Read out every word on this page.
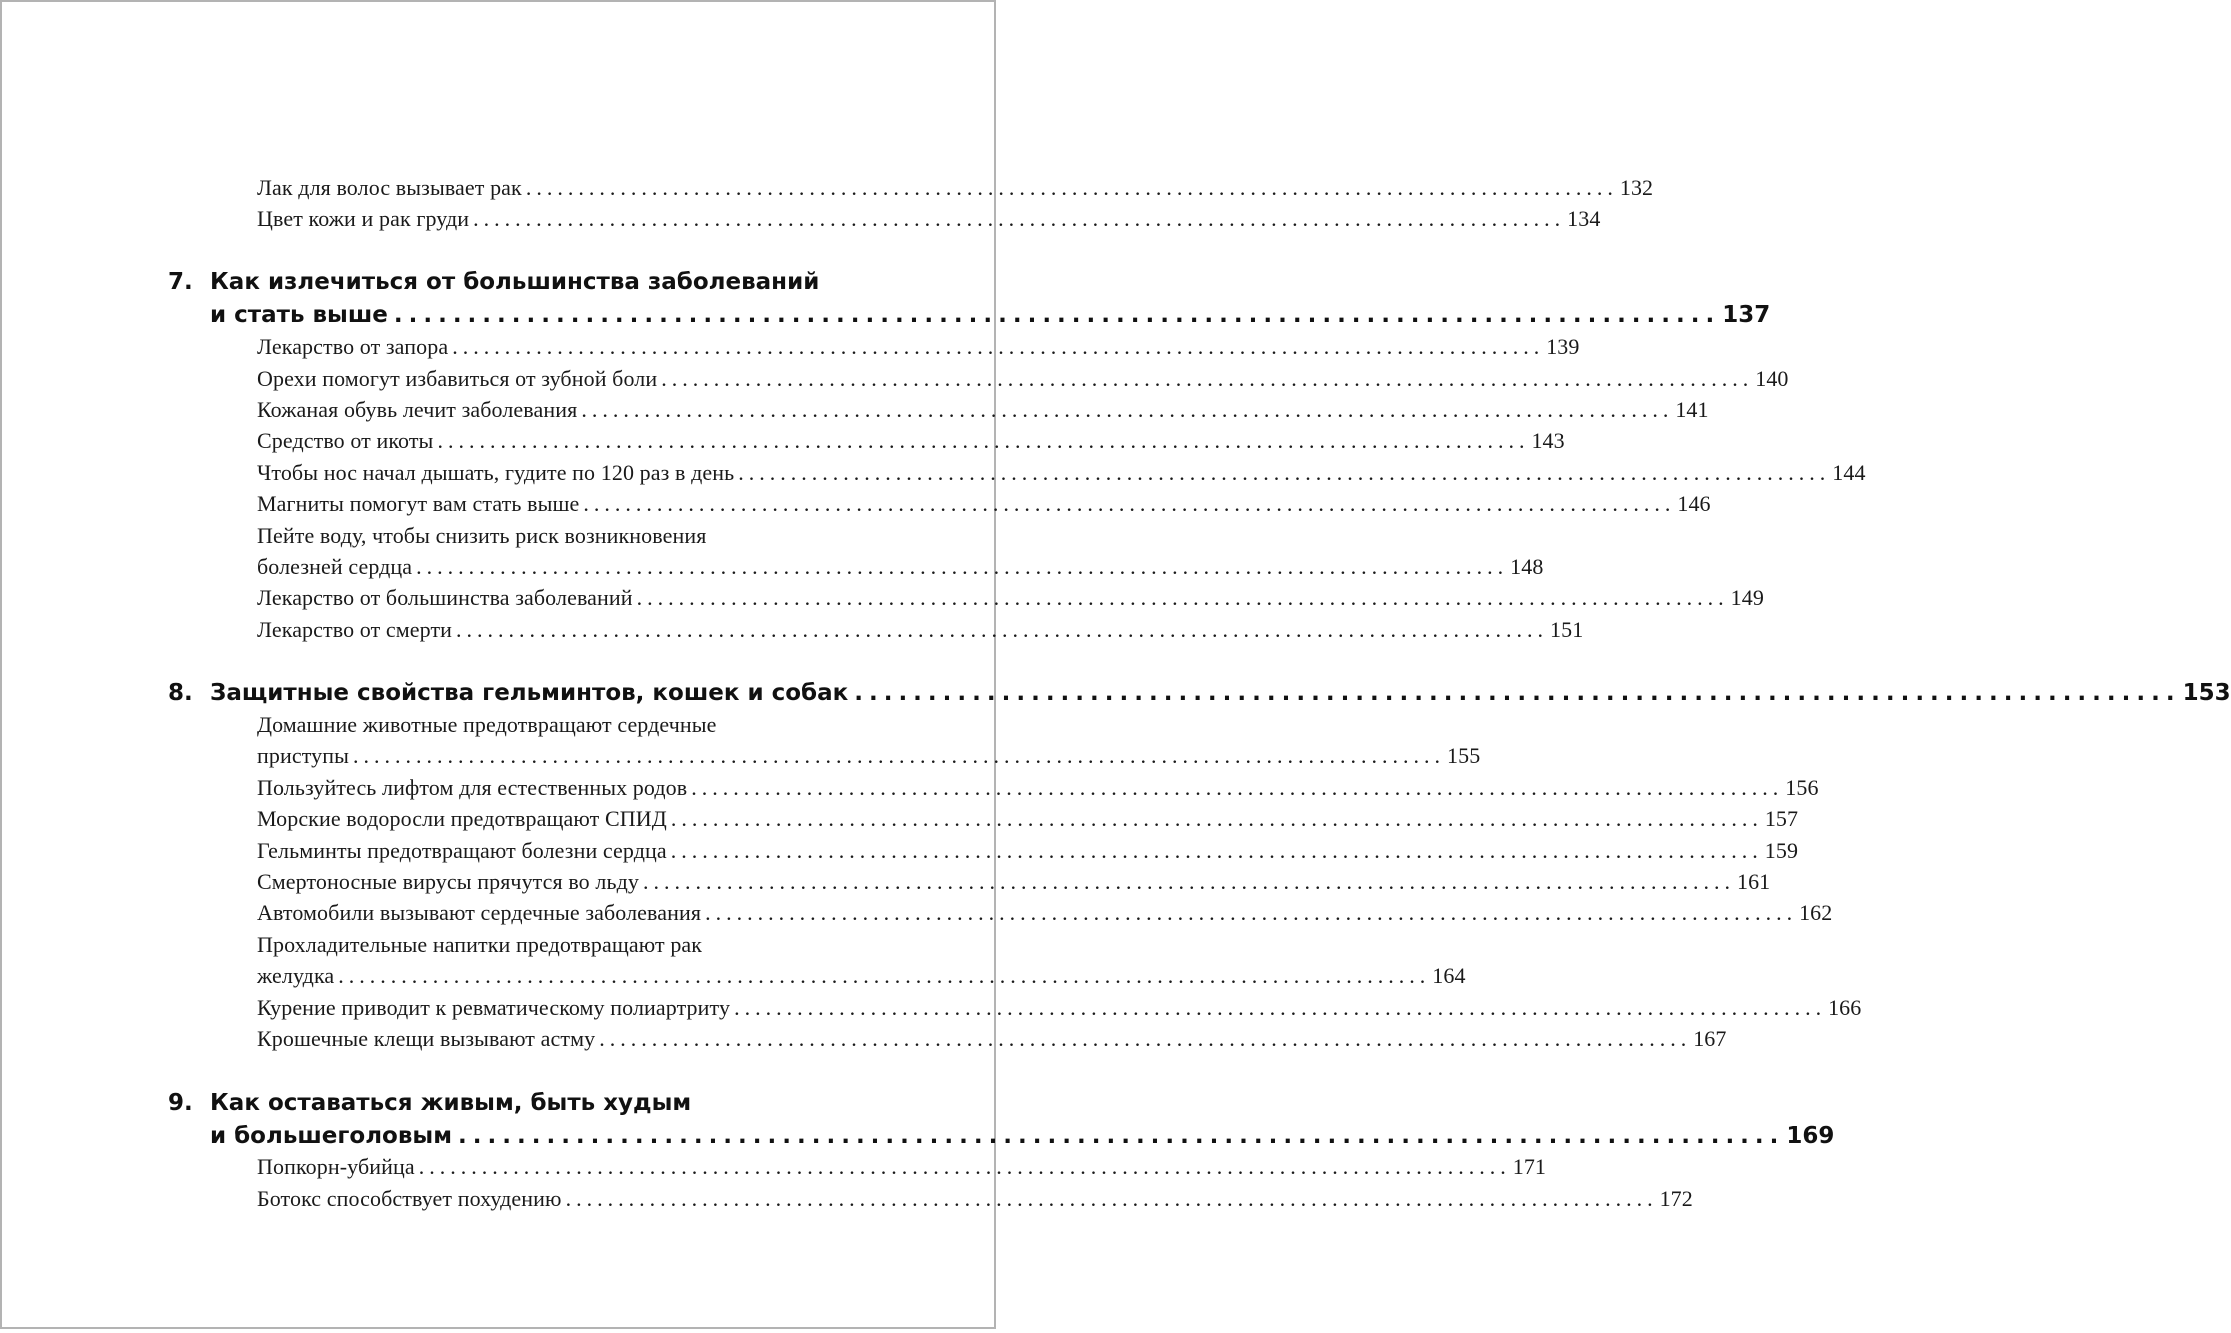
Лак для волос вызывает рак ........................................................................................................ 132
Цвет кожи и рак груди ........................................................................................................ 134
7. Как излечиться от большинства заболеваний
и стать выше .......................................................................................... 137
Лекарство от запора ........................................................................................................ 139
Орехи помогут избавиться от зубной боли ........................................................................................................ 140
Кожаная обувь лечит заболевания ........................................................................................................ 141
Средство от икоты ........................................................................................................ 143
Чтобы нос начал дышать, гудите по 120 раз в день ........................................................................................................ 144
Магниты помогут вам стать выше ........................................................................................................ 146
Пейте воду, чтобы снизить риск возникновения
болезней сердца ........................................................................................................ 148
Лекарство от большинства заболеваний ........................................................................................................ 149
Лекарство от смерти ........................................................................................................ 151
8. Защитные свойства гельминтов, кошек и собак .......................................................................................... 153
Домашние животные предотвращают сердечные
приступы ........................................................................................................ 155
Пользуйтесь лифтом для естественных родов ........................................................................................................ 156
Морские водоросли предотвращают СПИД ........................................................................................................ 157
Гельминты предотвращают болезни сердца ........................................................................................................ 159
Смертоносные вирусы прячутся во льду ........................................................................................................ 161
Автомобили вызывают сердечные заболевания ........................................................................................................ 162
Прохладительные напитки предотвращают рак
желудка ........................................................................................................ 164
Курение приводит к ревматическому полиартриту ........................................................................................................ 166
Крошечные клещи вызывают астму ........................................................................................................ 167
9. Как оставаться живым, быть худым
и большеголовым .......................................................................................... 169
Попкорн-убийца ........................................................................................................ 171
Ботокс способствует похудению ........................................................................................................ 172
